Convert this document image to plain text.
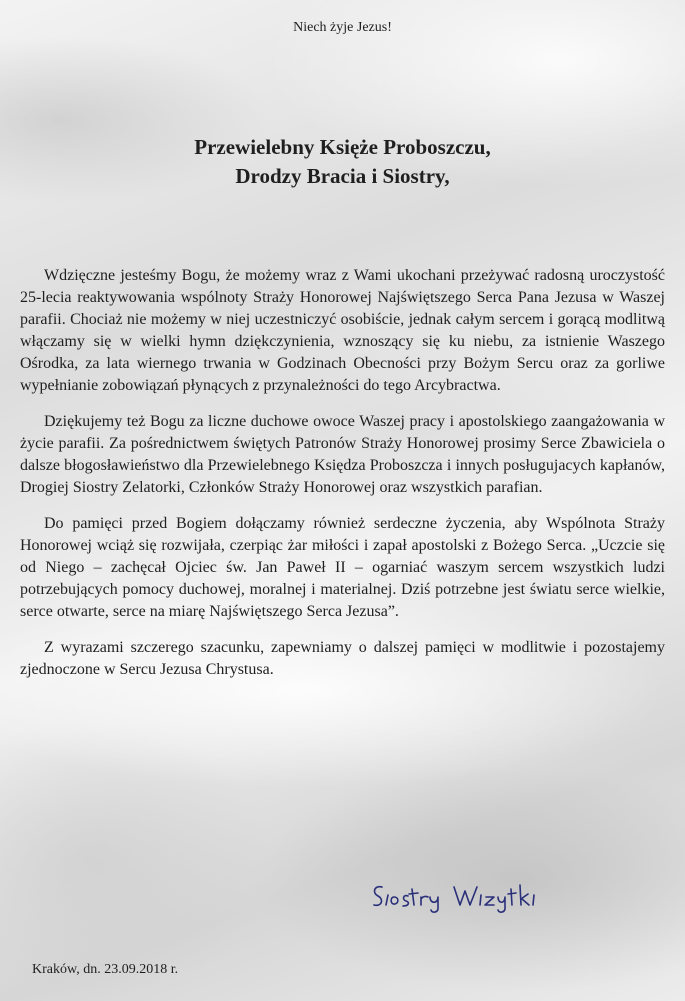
Niech żyje Jezus!
Przewielebny Księże Proboszczu,
Drodzy Bracia i Siostry,

Wdzięczne jesteśmy Bogu, że możemy wraz z Wami ukochani przeżywać radosną uroczystość 25-lecia reaktywowania wspólnoty Straży Honorowej Najświętszego Serca Pana Jezusa w Waszej parafii. Chociaż nie możemy w niej uczestniczyć osobiście, jednak całym sercem i gorącą modlitwą włączamy się w wielki hymn dziękczynienia, wznoszący się ku niebu, za istnienie Waszego Ośrodka, za lata wiernego trwania w Godzinach Obecności przy Bożym Sercu oraz za gorliwe wypełnianie zobowiązań płynących z przynależności do tego Arcybractwa.

Dziękujemy też Bogu za liczne duchowe owoce Waszej pracy i apostolskiego zaangażowania w życie parafii. Za pośrednictwem świętych Patronów Straży Honorowej prosimy Serce Zbawiciela o dalsze błogosławieństwo dla Przewielebnego Księdza Proboszcza i innych posługujacych kapłanów, Drogiej Siostry Zelatorki, Członków Straży Honorowej oraz wszystkich parafian.

Do pamięci przed Bogiem dołączamy również serdeczne życzenia, aby Wspólnota Straży Honorowej wciąż się rozwijała, czerpiąc żar miłości i zapał apostolski z Bożego Serca. „Uczcie się od Niego – zachęcał Ojciec św. Jan Paweł II – ogarniać waszym sercem wszystkich ludzi potrzebujących pomocy duchowej, moralnej i materialnej. Dziś potrzebne jest światu serce wielkie, serce otwarte, serce na miarę Najświętszego Serca Jezusa”.

Z wyrazami szczerego szacunku, zapewniamy o dalszej pamięci w modlitwie i pozostajemy zjednoczone w Sercu Jezusa Chrystusa.

Kraków, dn. 23.09.2018 r.
